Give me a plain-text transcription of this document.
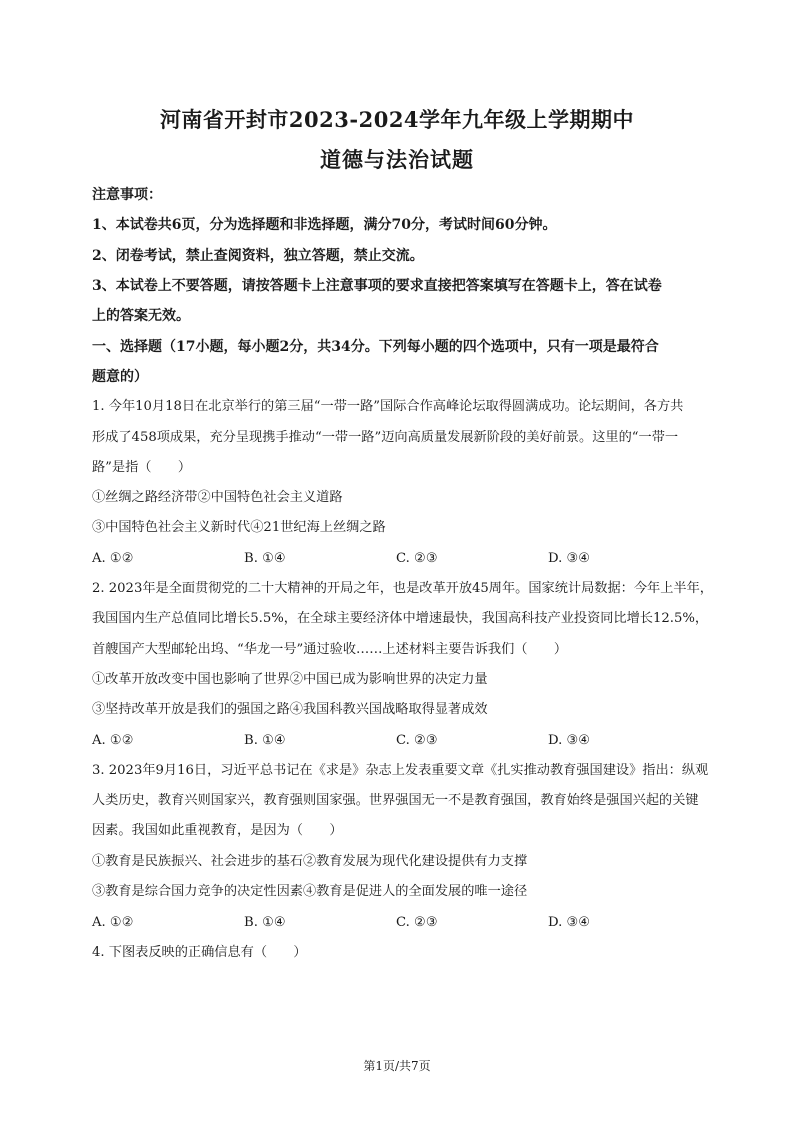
河南省开封市2023-2024学年九年级上学期期中
道德与法治试题

注意事项：

1、本试卷共6页，分为选择题和非选择题，满分70分，考试时间60分钟。

2、闭卷考试，禁止查阅资料，独立答题，禁止交流。

3、本试卷上不要答题，请按答题卡上注意事项的要求直接把答案填写在答题卡上，答在试卷

上的答案无效。

一、选择题（17小题，每小题2分，共34分。下列每小题的四个选项中，只有一项是最符合

题意的）

1. 今年10月18日在北京举行的第三届“一带一路”国际合作高峰论坛取得圆满成功。论坛期间，各方共

形成了458项成果，充分呈现携手推动“一带一路”迈向高质量发展新阶段的美好前景。这里的“一带一

路”是指（　　）

①丝绸之路经济带②中国特色社会主义道路

③中国特色社会主义新时代④21世纪海上丝绸之路

A. ①②	B. ①④	C. ②③	D. ③④

2. 2023年是全面贯彻党的二十大精神的开局之年，也是改革开放45周年。国家统计局数据：今年上半年，

我国国内生产总值同比增长5.5%，在全球主要经济体中增速最快，我国高科技产业投资同比增长12.5%，

首艘国产大型邮轮出坞、“华龙一号”通过验收……上述材料主要告诉我们（　　）

①改革开放改变中国也影响了世界②中国已成为影响世界的决定力量

③坚持改革开放是我们的强国之路④我国科教兴国战略取得显著成效

A. ①②	B. ①④	C. ②③	D. ③④

3. 2023年9月16日，习近平总书记在《求是》杂志上发表重要文章《扎实推动教育强国建设》指出：纵观

人类历史，教育兴则国家兴，教育强则国家强。世界强国无一不是教育强国，教育始终是强国兴起的关键

因素。我国如此重视教育，是因为（　　）

①教育是民族振兴、社会进步的基石②教育发展为现代化建设提供有力支撑

③教育是综合国力竞争的决定性因素④教育是促进人的全面发展的唯一途径

A. ①②	B. ①④	C. ②③	D. ③④

4. 下图表反映的正确信息有（　　）

第1页/共7页
